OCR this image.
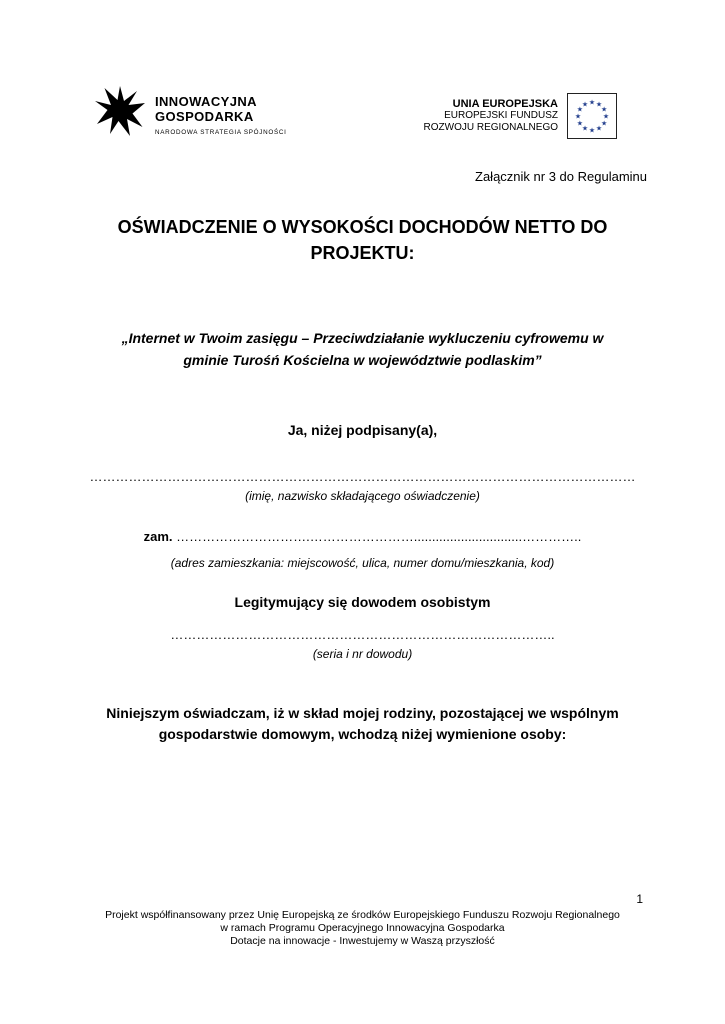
INNOWACYJNA
GOSPODARKA
NARODOWA STRATEGIA SPÓJNOŚCI
UNIA EUROPEJSKA
EUROPEJSKI FUNDUSZ
ROZWOJU REGIONALNEGO
★ ★
★
★
★
★
★
★
★
★
★
★
Załącznik nr 3 do Regulaminu
OŚWIADCZENIE O WYSOKOŚCI DOCHODÓW NETTO DO PROJEKTU:
„Internet w Twoim zasięgu – Przeciwdziałanie wykluczeniu cyfrowemu w gminie Turośń Kościelna w województwie podlaskim”
Ja, niżej podpisany(a),
………………………………………………………………………………………………………………
(imię, nazwisko składającego oświadczenie)
zam. ………………………….……………………..............................…………..
(adres zamieszkania: miejscowość, ulica, numer domu/mieszkania, kod)
Legitymujący się dowodem osobistym
……………………………………………………………………………..
(seria i nr dowodu)
Niniejszym oświadczam, iż w skład mojej rodziny, pozostającej we wspólnym gospodarstwie domowym, wchodzą niżej wymienione osoby:
1
Projekt współfinansowany przez Unię Europejską ze środków Europejskiego Funduszu Rozwoju Regionalnego
w ramach Programu Operacyjnego Innowacyjna Gospodarka
Dotacje na innowacje - Inwestujemy w Waszą przyszłość
